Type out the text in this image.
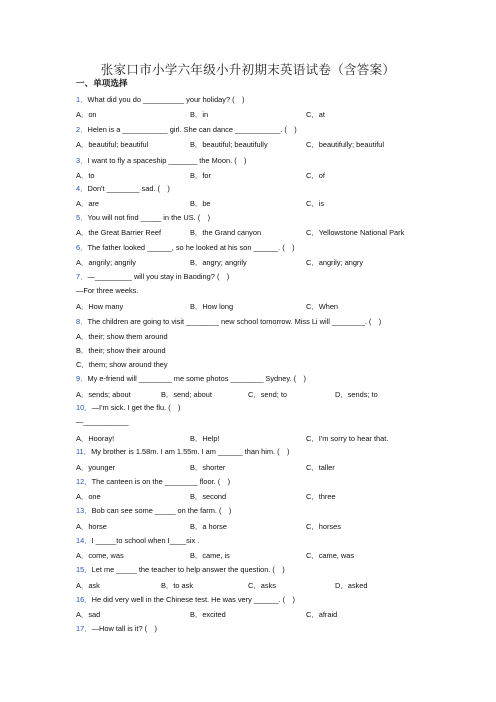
张家口市小学六年级小升初期末英语试卷（含答案）
一、单项选择
1．What did you do __________ your holiday? (　)
A．on	B．in	C．at
2．Helen is a ___________ girl. She can dance ___________. (　)
A．beautiful; beautiful	B．beautiful; beautifully	C．beautifully; beautiful
3．I want to fly a spaceship _______ the Moon. (　)
A．to	B．for	C．of
4．Don't ________ sad. (　)
A．are	B．be	C．is
5．You will not find _____ in the US. (　)
A．the Great Barrier Reef	B．the Grand canyon	C．Yellowstone National Park
6．The father looked ______, so he looked at his son ______. (　)
A．angrily; angrily	B．angry; angrily	C．angrily; angry
7．—_________ will you stay in Baoding? (　)
—For three weeks.
A．How many	B．How long	C．When
8．The children are going to visit ________ new school tomorrow. Miss Li will ________. (　)
A．their; show them around
B．their; show their around
C．them; show around they
9．My e-friend will ________ me some photos ________ Sydney. (　)
A．sends; about	B．send; about	C．send; to	D．sends; to
10．—I'm sick. I get the flu. (　)
—___________
A．Hooray!	B．Help!	C．I'm sorry to hear that.
11．My brother is 1.58m. I am 1.55m. I am ______ than him. (　)
A．younger	B．shorter	C．taller
12．The canteen is on the ________ floor. (　)
A．one	B．second	C．three
13．Bob can see some _____ on the farm. (　)
A．horse	B．a horse	C．horses
14．I _____to school when I____six .
A．come, was	B．came, is	C．came, was
15．Let me _____ the teacher to help answer the question. (　)
A．ask	B．to ask	C．asks	D．asked
16．He did very well in the Chinese test. He was very ______. (　)
A．sad	B．excited	C．afraid
17．—How tall is it? (　)
